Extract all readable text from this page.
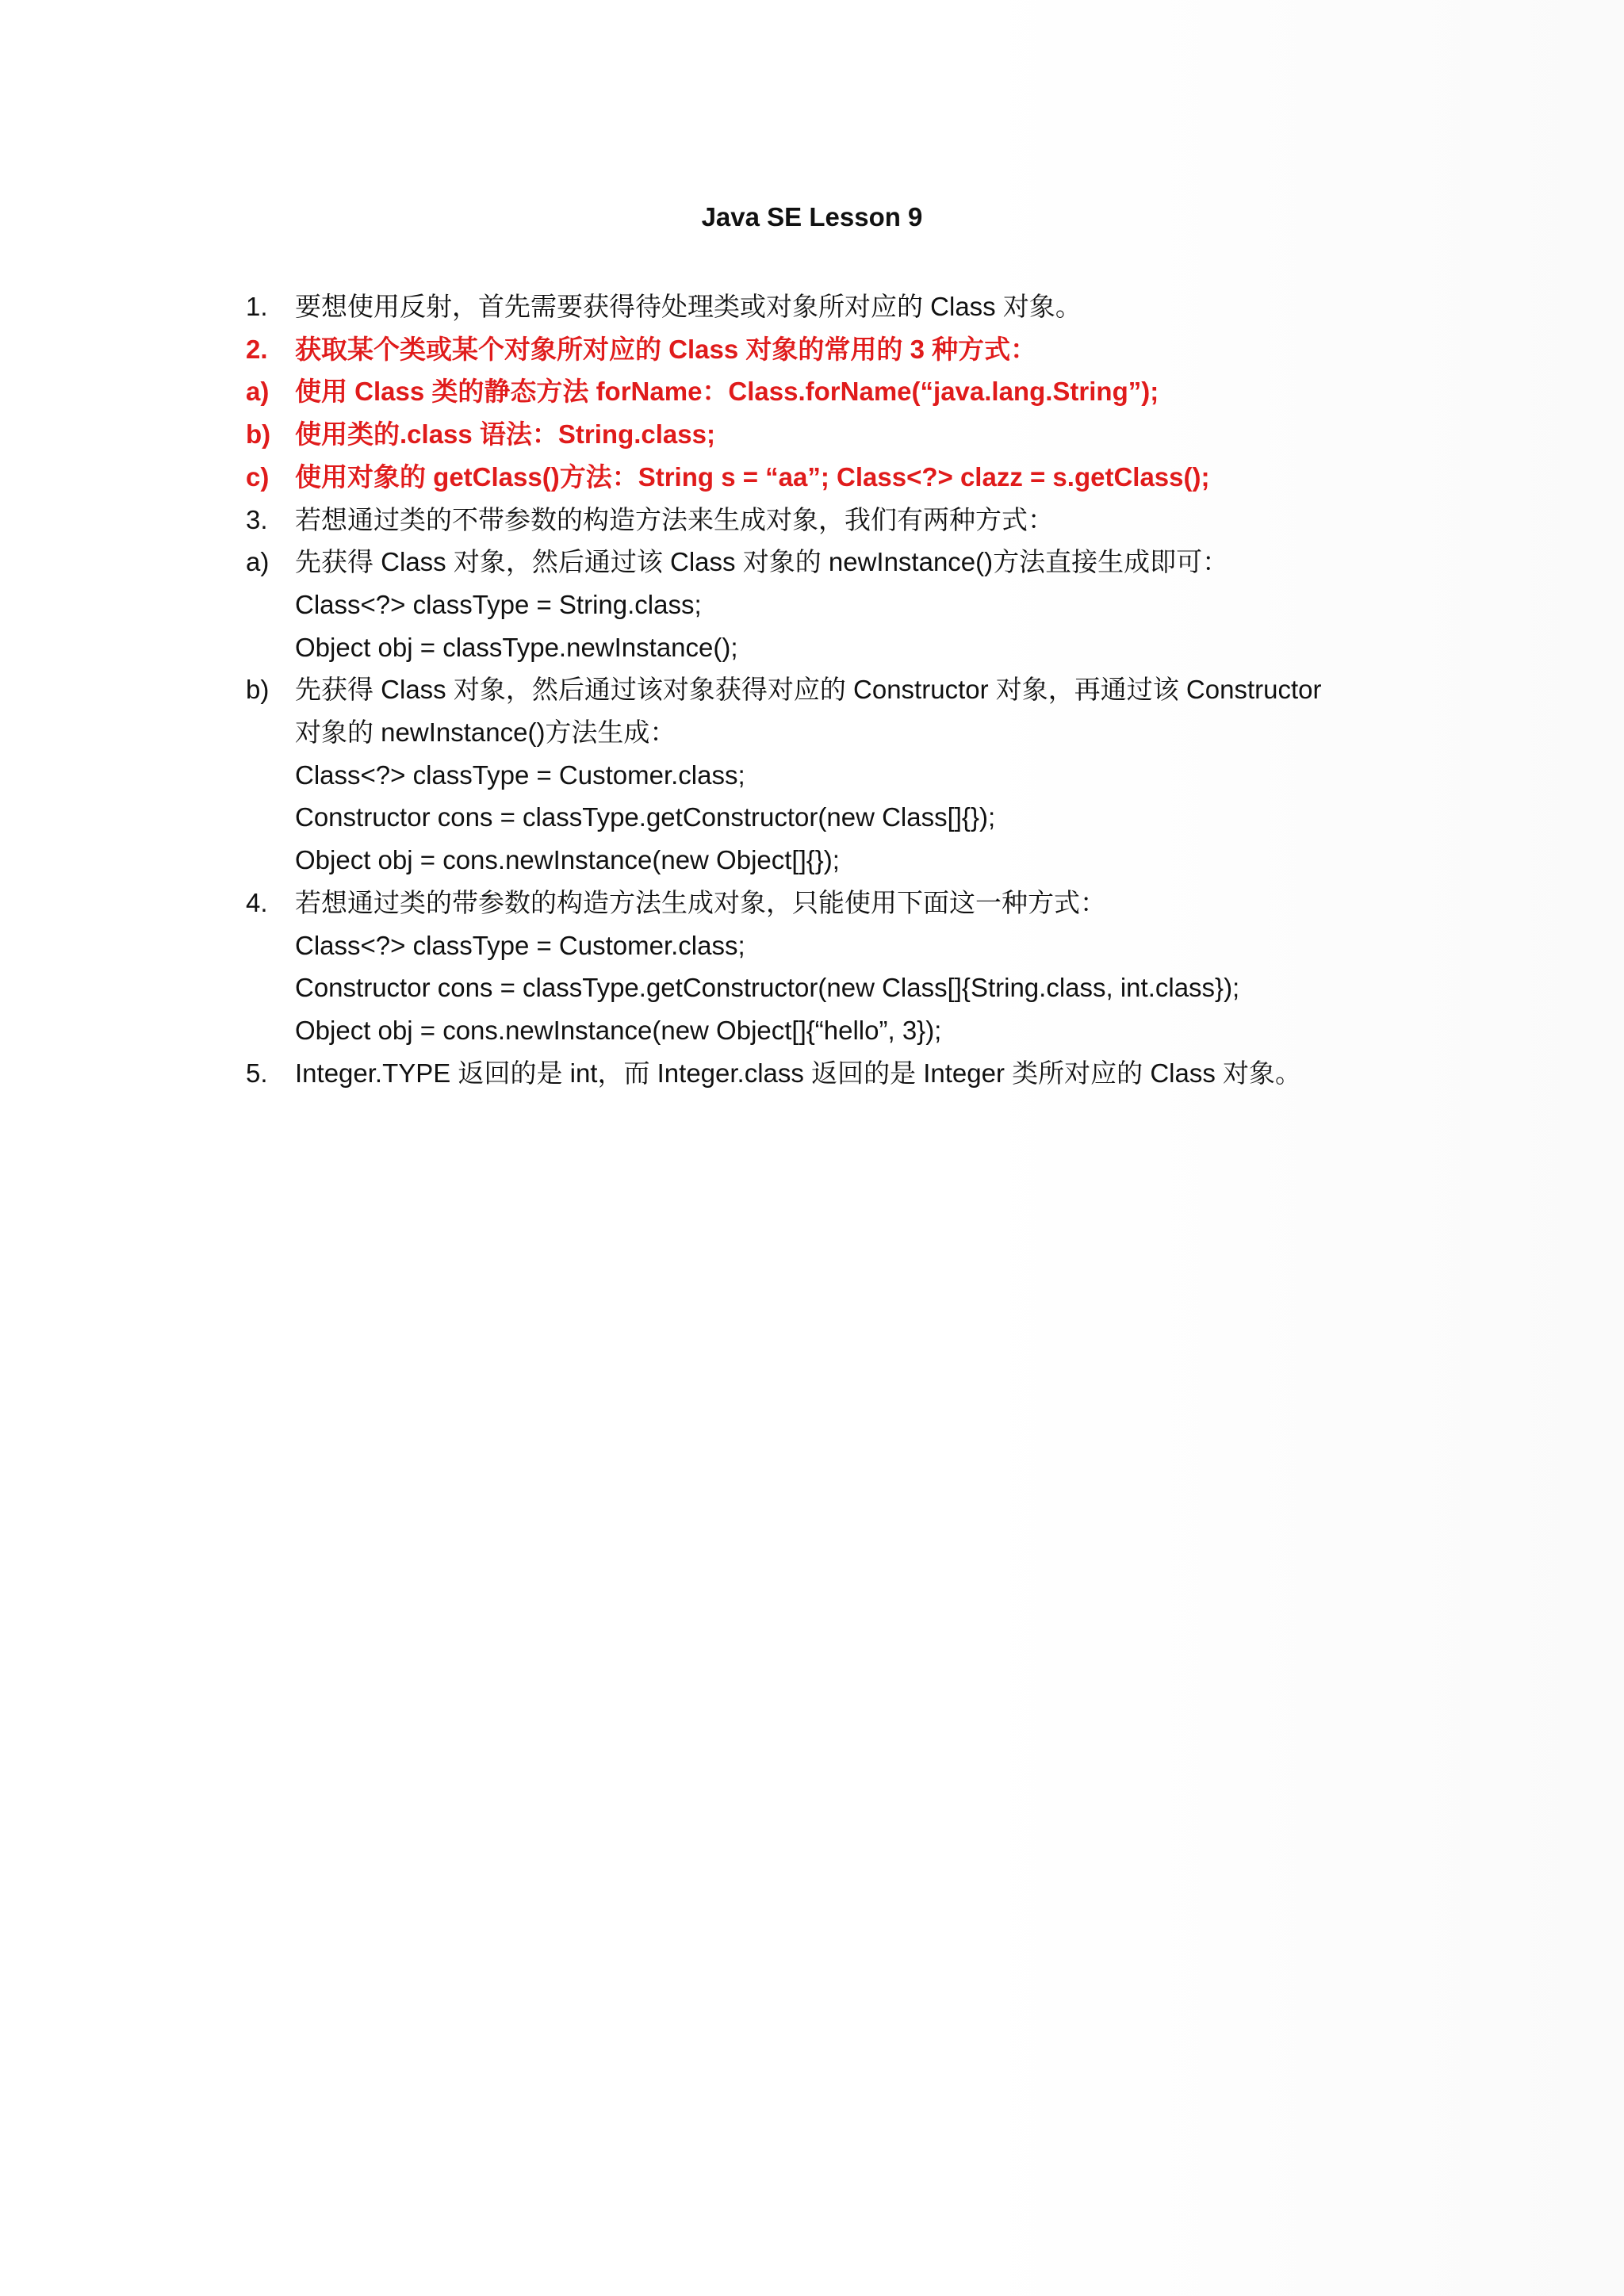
Java SE Lesson 9
1.	要想使用反射，首先需要获得待处理类或对象所对应的 Class 对象。
2.	获取某个类或某个对象所对应的 Class 对象的常用的 3 种方式：
a) 使用 Class 类的静态方法 forName：Class.forName(“java.lang.String”);
b) 使用类的.class 语法：String.class;
c) 使用对象的 getClass()方法：String s = “aa”; Class<?> clazz = s.getClass();
3.	若想通过类的不带参数的构造方法来生成对象，我们有两种方式：
a) 先获得 Class 对象，然后通过该 Class 对象的 newInstance()方法直接生成即可：
Class<?> classType = String.class;
Object obj = classType.newInstance();
b) 先获得 Class 对象，然后通过该对象获得对应的 Constructor 对象，再通过该 Constructor
对象的 newInstance()方法生成：
Class<?> classType = Customer.class;
Constructor cons = classType.getConstructor(new Class[]{});
Object obj = cons.newInstance(new Object[]{});
4.	若想通过类的带参数的构造方法生成对象，只能使用下面这一种方式：
Class<?> classType = Customer.class;
Constructor cons = classType.getConstructor(new Class[]{String.class, int.class});
Object obj = cons.newInstance(new Object[]{“hello”, 3});
5.	Integer.TYPE 返回的是 int，而 Integer.class 返回的是 Integer 类所对应的 Class 对象。
